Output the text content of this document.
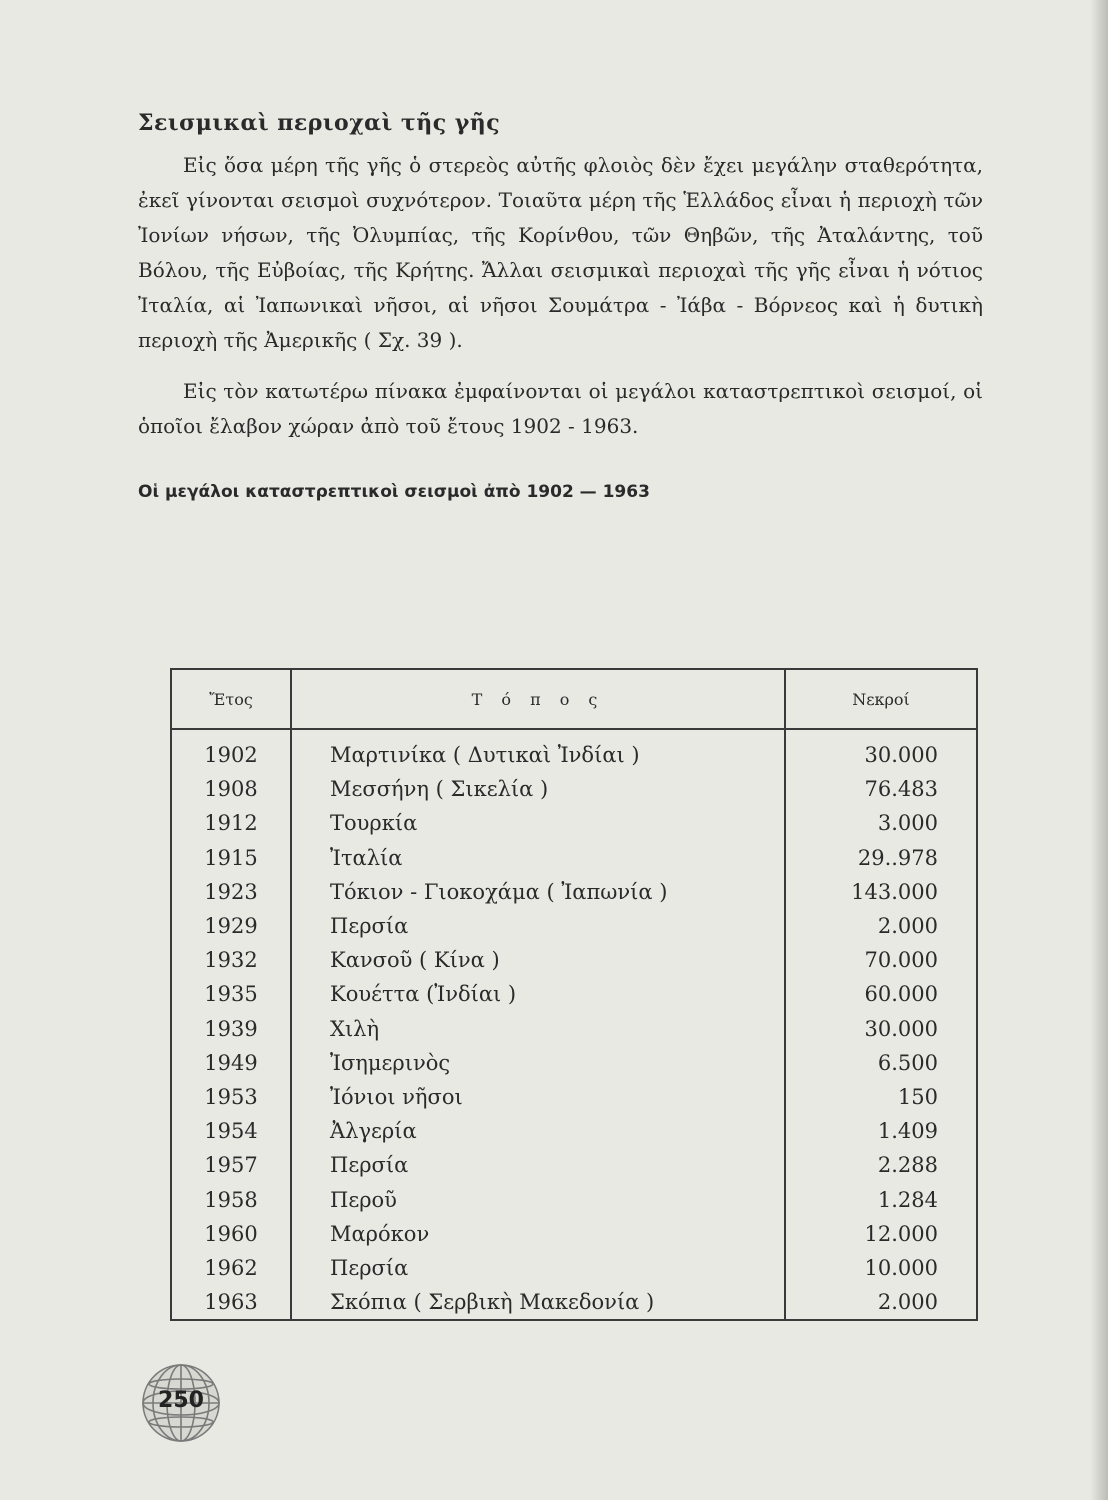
Σεισμικαὶ περιοχαὶ τῆς γῆς

Εἰς ὅσα μέρη τῆς γῆς ὁ στερεὸς αὐτῆς φλοιὸς δὲν ἔχει μεγάλην σταθερότητα, ἐκεῖ γίνονται σεισμοὶ συχνότερον. Τοιαῦτα μέρη τῆς Ἑλλάδος εἶναι ἡ περιοχὴ τῶν Ἰονίων νήσων, τῆς Ὀλυμπίας, τῆς Κορίνθου, τῶν Θηβῶν, τῆς Ἀταλάντης, τοῦ Βόλου, τῆς Εὐβοίας, τῆς Κρήτης. Ἄλλαι σεισμικαὶ περιοχαὶ τῆς γῆς εἶναι ἡ νότιος Ἰταλία, αἱ Ἰαπωνικαὶ νῆσοι, αἱ νῆσοι Σουμάτρα - Ἰάβα - Βόρνεος καὶ ἡ δυτικὴ περιοχὴ τῆς Ἀμερικῆς ( Σχ. 39 ).

Εἰς τὸν κατωτέρω πίνακα ἐμφαίνονται οἱ μεγάλοι καταστρεπτικοὶ σεισμοί, οἱ ὁποῖοι ἔλαβον χώραν ἀπὸ τοῦ ἔτους 1902 - 1963.

Οἱ μεγάλοι καταστρεπτικοὶ σεισμοὶ ἀπὸ 1902 — 1963
Ἔτος	Τ ό π ο ς	Νεκροί
1902	Μαρτινίκα ( Δυτικαὶ Ἰνδίαι )	30.000
1908	Μεσσήνη ( Σικελία )	76.483
1912	Τουρκία	3.000
1915	Ἰταλία	29..978
1923	Τόκιον - Γιοκοχάμα ( Ἰαπωνία )	143.000
1929	Περσία	2.000
1932	Κανσοῦ ( Κίνα )	70.000
1935	Κουέττα (Ἰνδίαι )	60.000
1939	Χιλὴ	30.000
1949	Ἰσημερινὸς	6.500
1953	Ἰόνιοι νῆσοι	150
1954	Ἀλγερία	1.409
1957	Περσία	2.288
1958	Περοῦ	1.284
1960	Μαρόκον	12.000
1962	Περσία	10.000
1963	Σκόπια ( Σερβικὴ Μακεδονία )	2.000
250
